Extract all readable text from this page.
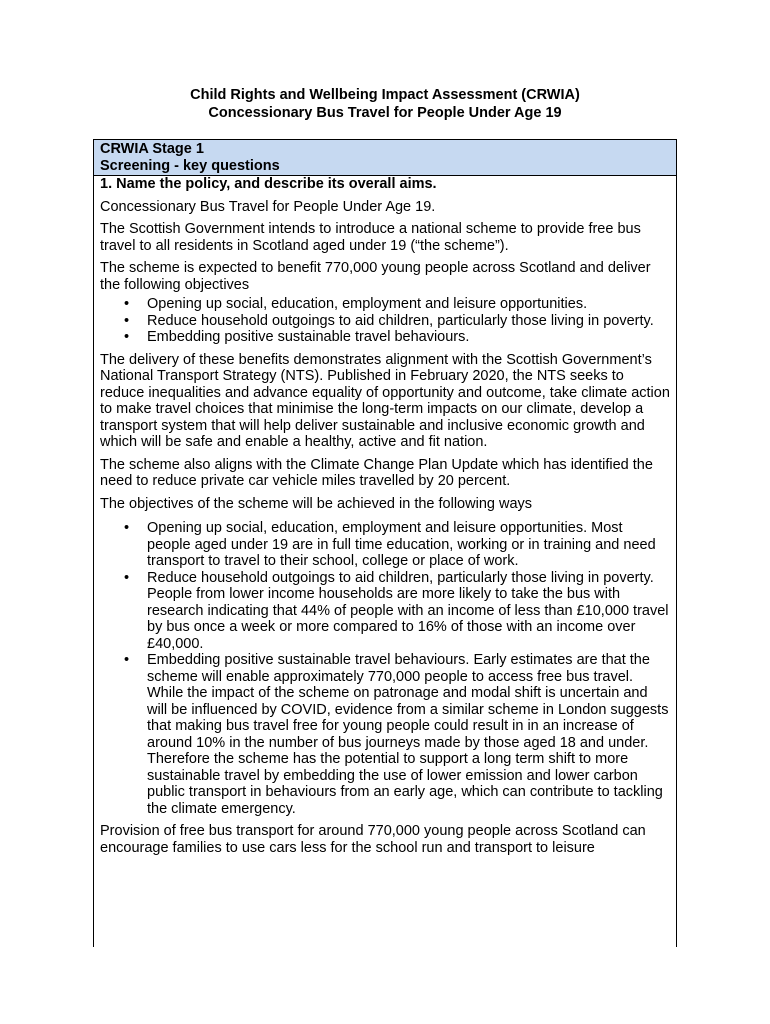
Child Rights and Wellbeing Impact Assessment (CRWIA)
Concessionary Bus Travel for People Under Age 19
CRWIA Stage 1
Screening - key questions
1. Name the policy, and describe its overall aims.

Concessionary Bus Travel for People Under Age 19.

The Scottish Government intends to introduce a national scheme to provide free bus travel to all residents in Scotland aged under 19 (“the scheme”).

The scheme is expected to benefit 770,000 young people across Scotland and deliver the following objectives

• Opening up social, education, employment and leisure opportunities.
• Reduce household outgoings to aid children, particularly those living in poverty.
• Embedding positive sustainable travel behaviours.

The delivery of these benefits demonstrates alignment with the Scottish Government’s National Transport Strategy (NTS). Published in February 2020, the NTS seeks to reduce inequalities and advance equality of opportunity and outcome, take climate action to make travel choices that minimise the long-term impacts on our climate, develop a transport system that will help deliver sustainable and inclusive economic growth and which will be safe and enable a healthy, active and fit nation.

The scheme also aligns with the Climate Change Plan Update which has identified the need to reduce private car vehicle miles travelled by 20 percent.

The objectives of the scheme will be achieved in the following ways

• Opening up social, education, employment and leisure opportunities. Most people aged under 19 are in full time education, working or in training and need transport to travel to their school, college or place of work.
• Reduce household outgoings to aid children, particularly those living in poverty. People from lower income households are more likely to take the bus with research indicating that 44% of people with an income of less than £10,000 travel by bus once a week or more compared to 16% of those with an income over £40,000.
• Embedding positive sustainable travel behaviours. Early estimates are that the scheme will enable approximately 770,000 people to access free bus travel. While the impact of the scheme on patronage and modal shift is uncertain and will be influenced by COVID, evidence from a similar scheme in London suggests that making bus travel free for young people could result in in an increase of around 10% in the number of bus journeys made by those aged 18 and under. Therefore the scheme has the potential to support a long term shift to more sustainable travel by embedding the use of lower emission and lower carbon public transport in behaviours from an early age, which can contribute to tackling the climate emergency.

Provision of free bus transport for around 770,000 young people across Scotland can encourage families to use cars less for the school run and transport to leisure
